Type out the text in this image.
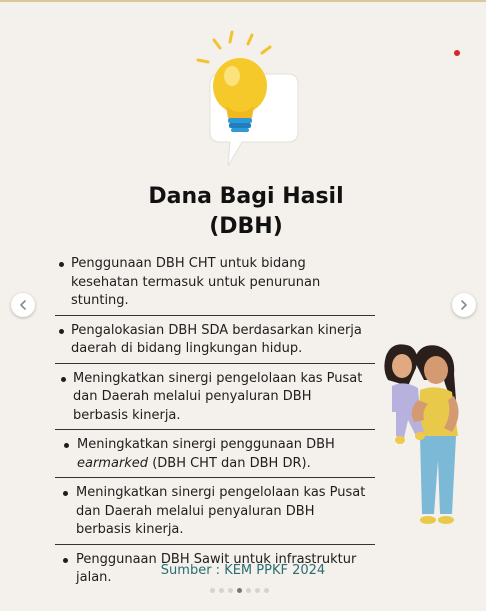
Dana Bagi Hasil
(DBH)
Penggunaan DBH CHT untuk bidang kesehatan termasuk untuk penurunan stunting.
Pengalokasian DBH SDA berdasarkan kinerja daerah di bidang lingkungan hidup.
Meningkatkan sinergi pengelolaan kas Pusat dan Daerah melalui penyaluran DBH berbasis kinerja.
Meningkatkan sinergi penggunaan DBH earmarked (DBH CHT dan DBH DR).
Meningkatkan sinergi pengelolaan kas Pusat dan Daerah melalui penyaluran DBH berbasis kinerja.
Penggunaan DBH Sawit untuk infrastruktur jalan.	Sumber : KEM PPKF 2024
